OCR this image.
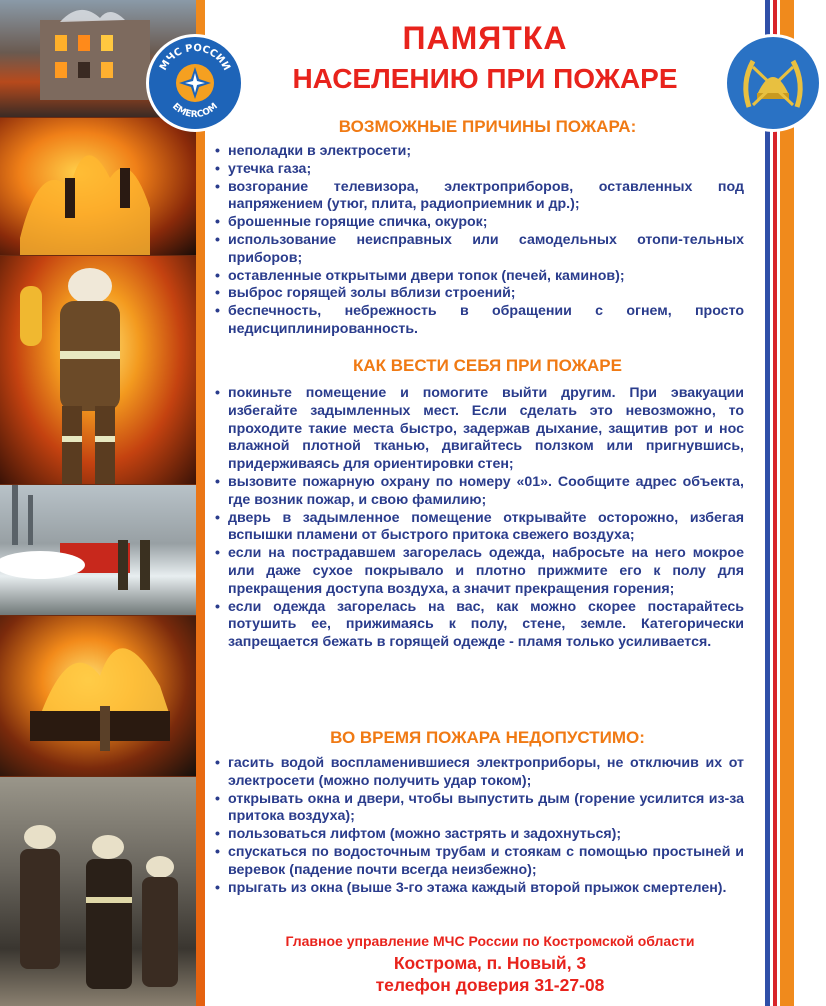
МЧС РОССИИ
EMERCOM
ПАМЯТКА
НАСЕЛЕНИЮ ПРИ ПОЖАРЕ
ВОЗМОЖНЫЕ ПРИЧИНЫ ПОЖАРА:
• неполадки в электросети;
• утечка газа;
• возгорание телевизора, электроприборов, оставленных под напряжением (утюг, плита, радиоприемник и др.);
• брошенные горящие спичка, окурок;
• использование неисправных или самодельных отопи-тельных приборов;
• оставленные открытыми двери топок (печей, каминов);
• выброс горящей золы вблизи строений;
• беспечность, небрежность в обращении с огнем, просто недисциплинированность.
КАК ВЕСТИ СЕБЯ ПРИ ПОЖАРЕ
• покиньте помещение и помогите выйти другим. При эвакуации избегайте задымленных мест. Если сделать это невозможно, то проходите такие места быстро, задержав дыхание, защитив рот и нос влажной плотной тканью, двигайтесь ползком или пригнувшись, придерживаясь для ориентировки стен;
• вызовите пожарную охрану по номеру «01». Сообщите адрес объекта, где возник пожар, и свою фамилию;
• дверь в задымленное помещение открывайте осторожно, избегая вспышки пламени от быстрого притока свежего воздуха;
• если на пострадавшем загорелась одежда, набросьте на него мокрое или даже сухое покрывало и плотно прижмите его к полу для прекращения доступа воздуха, а значит прекращения горения;
• если одежда загорелась на вас, как можно скорее постарайтесь потушить ее, прижимаясь к полу, стене, земле. Категорически запрещается бежать в горящей одежде - пламя только усиливается.
ВО ВРЕМЯ ПОЖАРА НЕДОПУСТИМО:
• гасить водой воспламенившиеся электроприборы, не отключив их от электросети (можно получить удар током);
• открывать окна и двери, чтобы выпустить дым (горение усилится из-за притока воздуха);
• пользоваться лифтом (можно застрять и задохнуться);
• спускаться по водосточным трубам и стоякам с помощью простыней и веревок (падение почти всегда неизбежно);
• прыгать из окна (выше 3-го этажа каждый второй прыжок смертелен).
Главное управление МЧС России по Костромской области
Кострома, п. Новый, 3
телефон доверия 31-27-08
